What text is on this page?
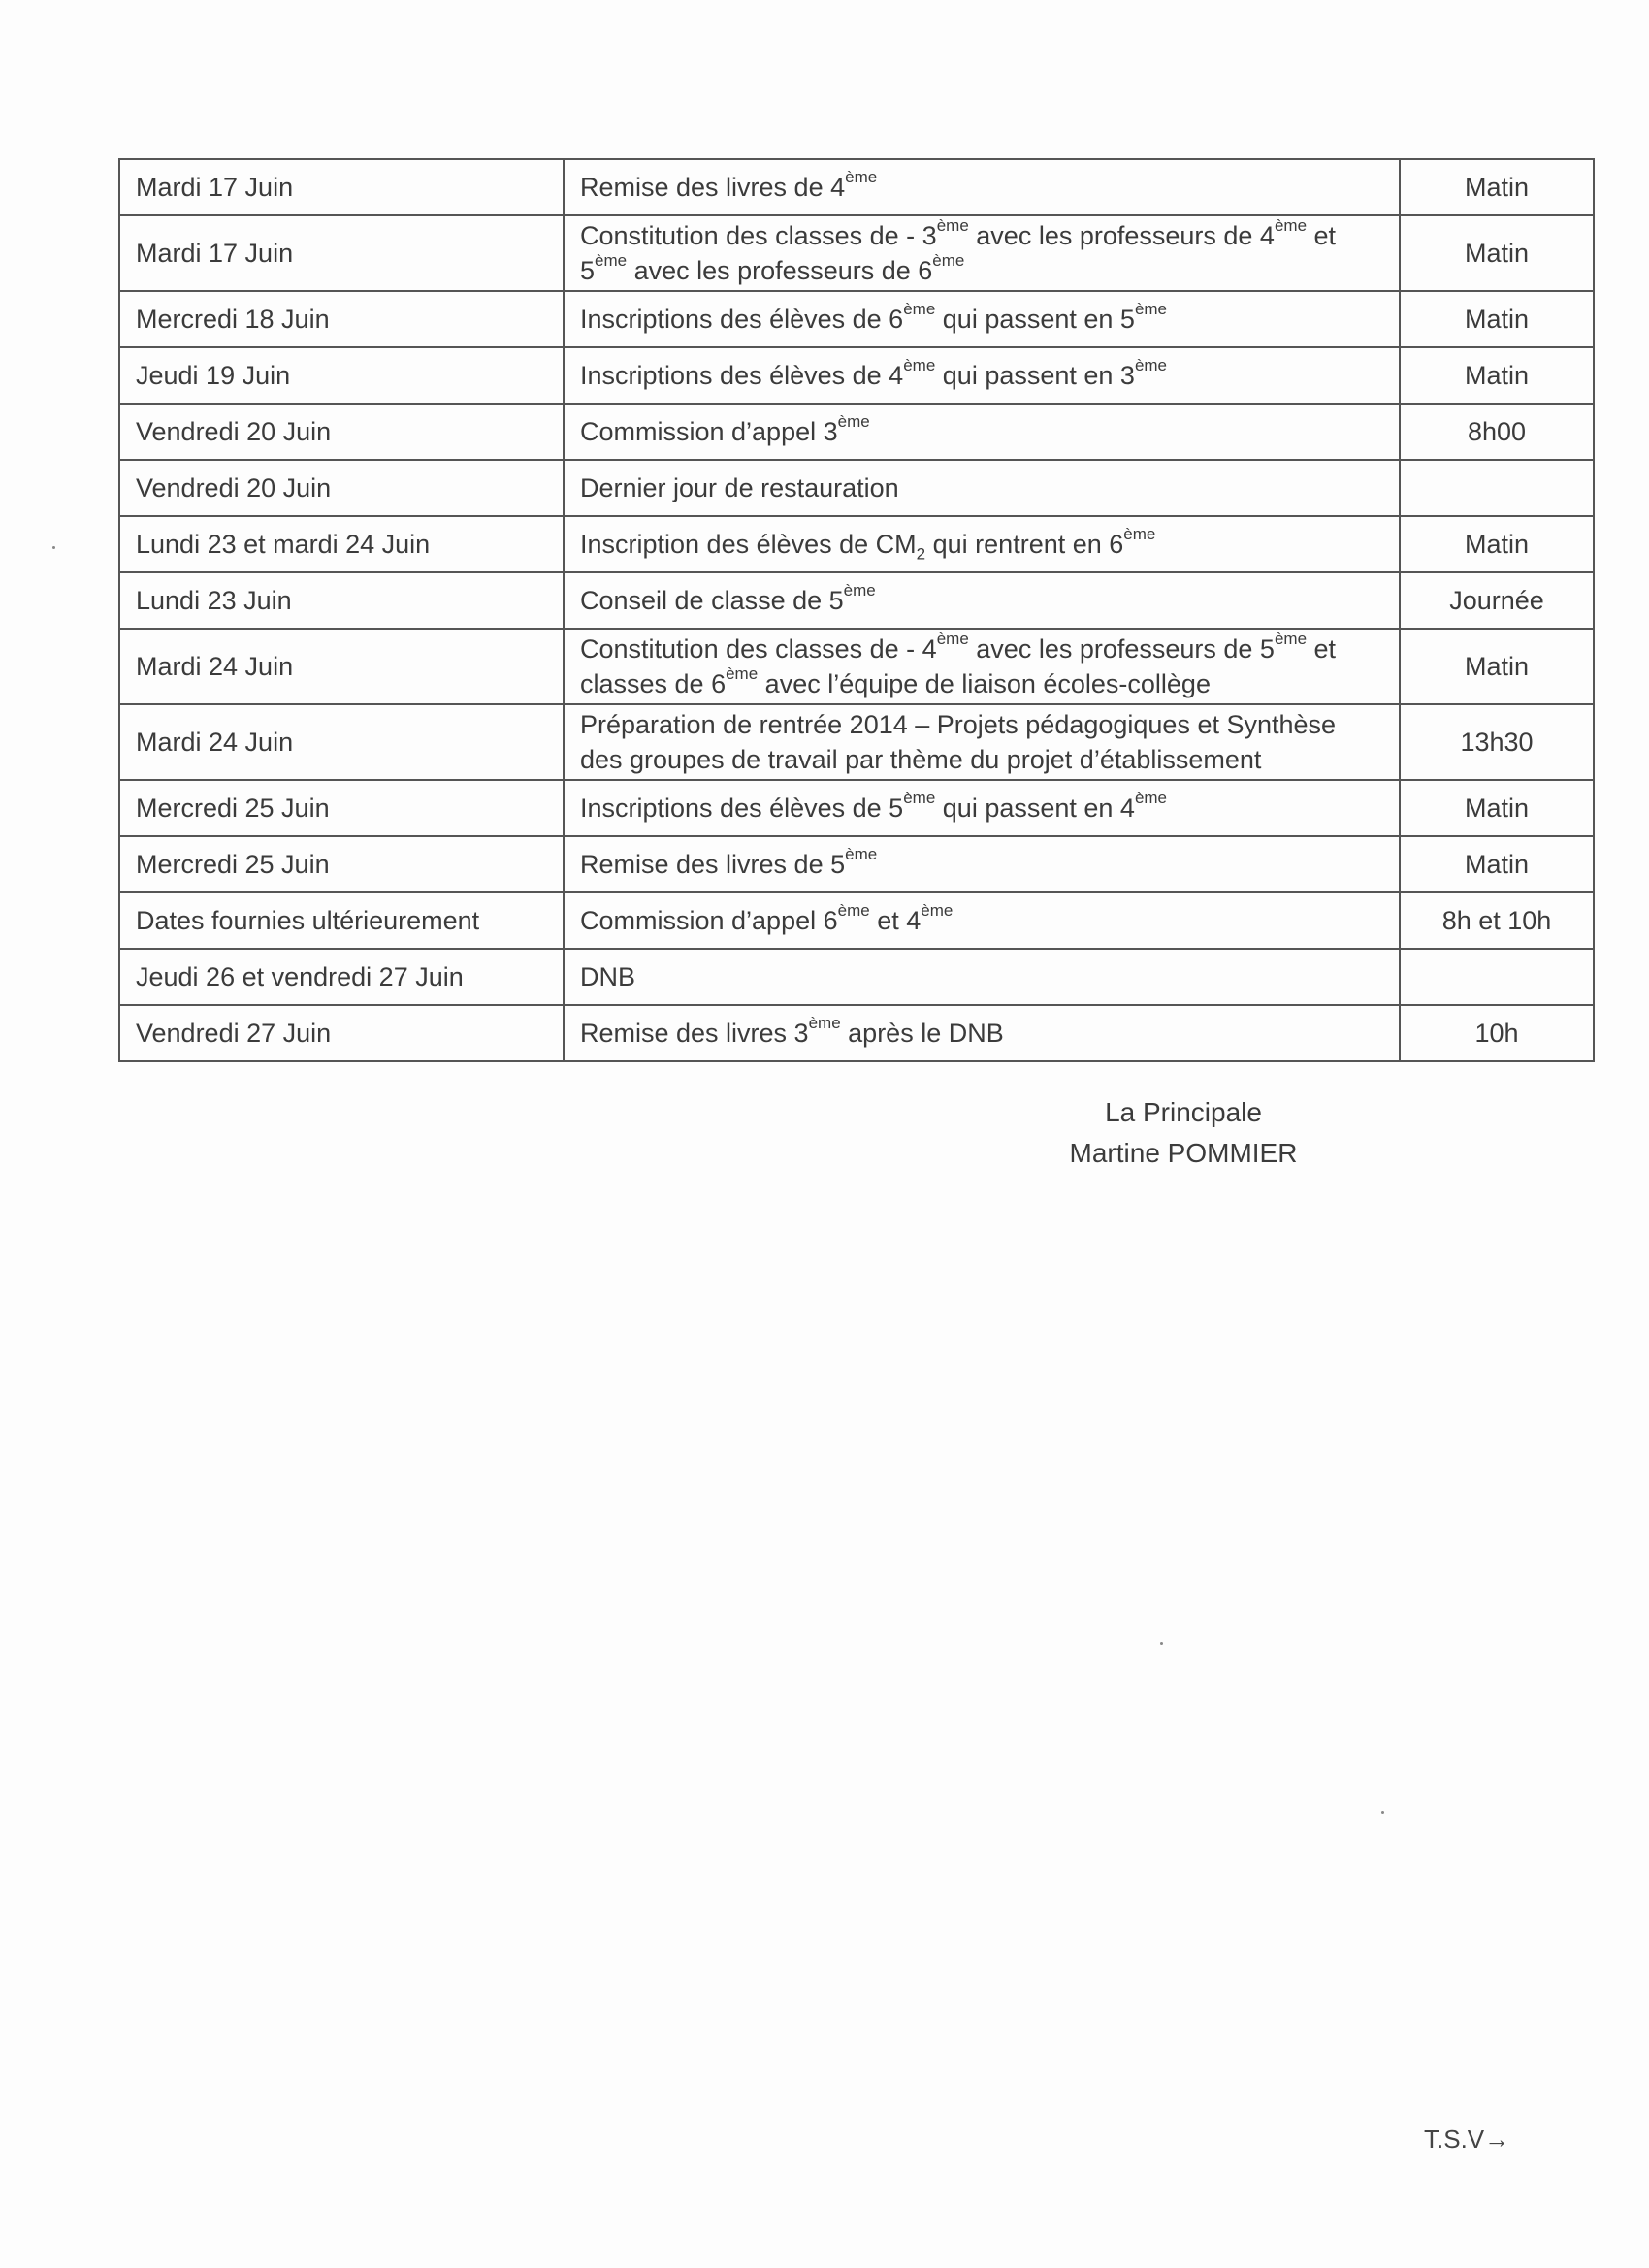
Mardi 17 Juin	Remise des livres de 4ème	Matin
Mardi 17 Juin	Constitution des classes de - 3ème avec les professeurs de 4ème et
5ème avec les professeurs de 6ème	Matin
Mercredi 18 Juin	Inscriptions des élèves de 6ème qui passent en 5ème	Matin
Jeudi 19 Juin	Inscriptions des élèves de 4ème qui passent en 3ème	Matin
Vendredi 20 Juin	Commission d’appel 3ème	8h00
Vendredi 20 Juin	Dernier jour de restauration	
Lundi 23 et mardi 24 Juin	Inscription des élèves de $CM_2$ qui rentrent en 6ème	Matin
Lundi 23 Juin	Conseil de classe de 5ème	Journée
Mardi 24 Juin	Constitution des classes de - 4ème avec les professeurs de 5ème et
classes de 6ème avec l’équipe de liaison écoles-collège	Matin
Mardi 24 Juin	Préparation de rentrée 2014 – Projets pédagogiques et Synthèse
des groupes de travail par thème du projet d’établissement	13h30
Mercredi 25 Juin	Inscriptions des élèves de 5ème qui passent en 4ème	Matin
Mercredi 25 Juin	Remise des livres de 5ème	Matin
Dates fournies ultérieurement	Commission d’appel 6ème et 4ème	8h et 10h
Jeudi 26 et vendredi 27 Juin	DNB	
Vendredi 27 Juin	Remise des livres 3ème après le DNB	10h
La Principale
Martine POMMIER
T.S.V→
